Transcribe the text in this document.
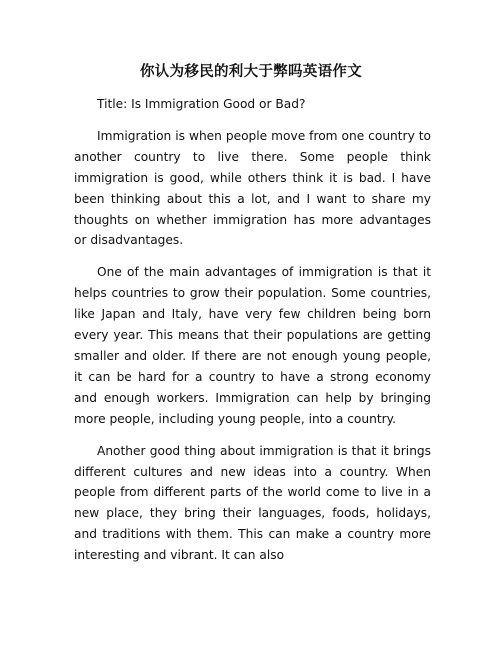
你认为移民的利大于弊吗英语作文

Title: Is Immigration Good or Bad?

Immigration is when people move from one country to another country to live there. Some people think immigration is good, while others think it is bad. I have been thinking about this a lot, and I want to share my thoughts on whether immigration has more advantages or disadvantages.

One of the main advantages of immigration is that it helps countries to grow their population. Some countries, like Japan and Italy, have very few children being born every year. This means that their populations are getting smaller and older. If there are not enough young people, it can be hard for a country to have a strong economy and enough workers. Immigration can help by bringing more people, including young people, into a country.

Another good thing about immigration is that it brings different cultures and new ideas into a country. When people from different parts of the world come to live in a new place, they bring their languages, foods, holidays, and traditions with them. This can make a country more interesting and vibrant. It can also
